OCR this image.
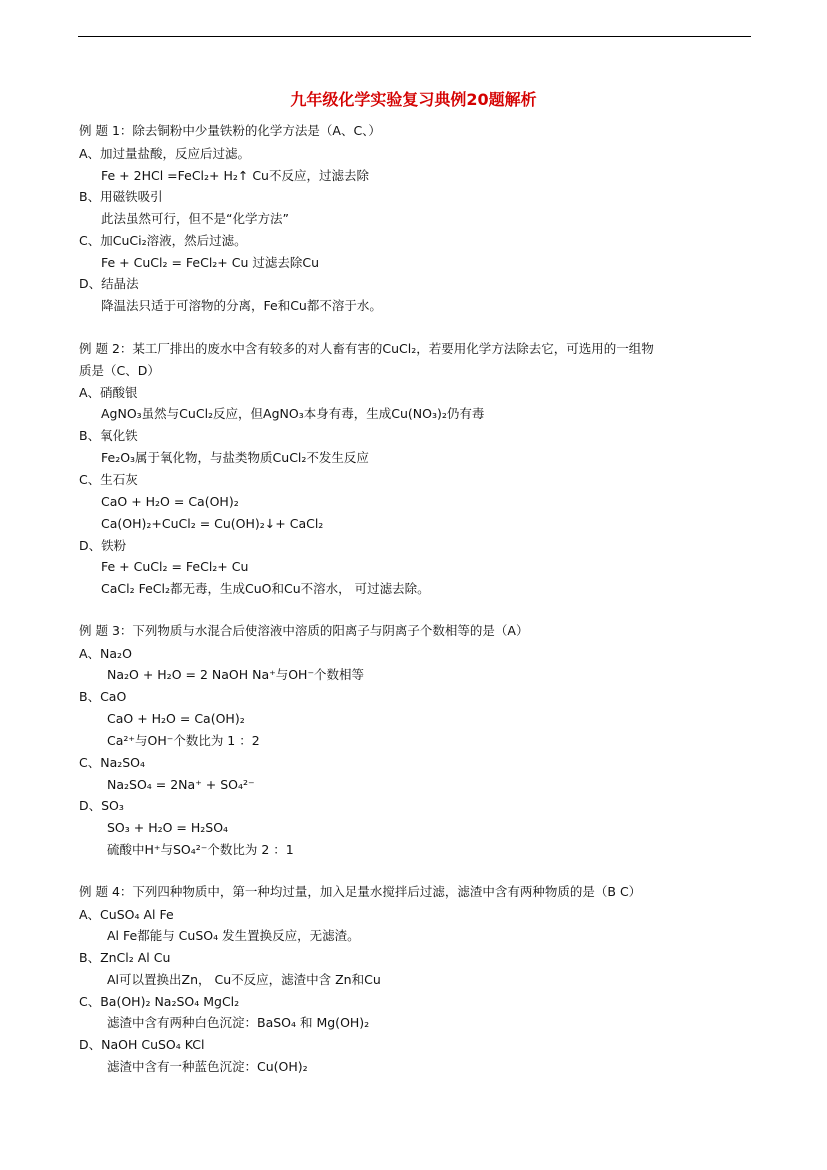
九年级化学实验复习典例20题解析
例 题 1：除去铜粉中少量铁粉的化学方法是（A、C、）
A、加过量盐酸，反应后过滤。
Fe + 2HCl =FeCl₂+ H₂↑ Cu不反应，过滤去除
B、用磁铁吸引
此法虽然可行，但不是“化学方法”
C、加CuCi₂溶液，然后过滤。
Fe + CuCl₂ = FeCl₂+ Cu 过滤去除Cu
D、结晶法
降温法只适于可溶物的分离，Fe和Cu都不溶于水。
例 题 2：某工厂排出的废水中含有较多的对人畜有害的CuCl₂，若要用化学方法除去它，可选用的一组物
质是（C、D）
A、硝酸银
AgNO₃虽然与CuCl₂反应，但AgNO₃本身有毒，生成Cu(NO₃)₂仍有毒
B、氧化铁
Fe₂O₃属于氧化物，与盐类物质CuCl₂不发生反应
C、生石灰
CaO + H₂O = Ca(OH)₂
Ca(OH)₂+CuCl₂ = Cu(OH)₂↓+ CaCl₂
D、铁粉
Fe + CuCl₂ = FeCl₂+ Cu
CaCl₂ FeCl₂都无毒，生成CuO和Cu不溶水， 可过滤去除。
例 题 3：下列物质与水混合后使溶液中溶质的阳离子与阴离子个数相等的是（A）
A、Na₂O
Na₂O + H₂O = 2 NaOH Na⁺与OH⁻个数相等
B、CaO
CaO + H₂O = Ca(OH)₂
Ca²⁺与OH⁻个数比为 1 ：2
C、Na₂SO₄
Na₂SO₄ = 2Na⁺ + SO₄²⁻
D、SO₃
SO₃ + H₂O = H₂SO₄
硫酸中H⁺与SO₄²⁻个数比为 2 ：1
例 题 4：下列四种物质中，第一种均过量，加入足量水搅拌后过滤，滤渣中含有两种物质的是（B C）
A、CuSO₄ Al Fe
Al Fe都能与 CuSO₄ 发生置换反应，无滤渣。
B、ZnCl₂ Al Cu
Al可以置换出Zn， Cu不反应，滤渣中含 Zn和Cu
C、Ba(OH)₂ Na₂SO₄ MgCl₂
滤渣中含有两种白色沉淀：BaSO₄ 和 Mg(OH)₂
D、NaOH CuSO₄ KCl
滤渣中含有一种蓝色沉淀：Cu(OH)₂
